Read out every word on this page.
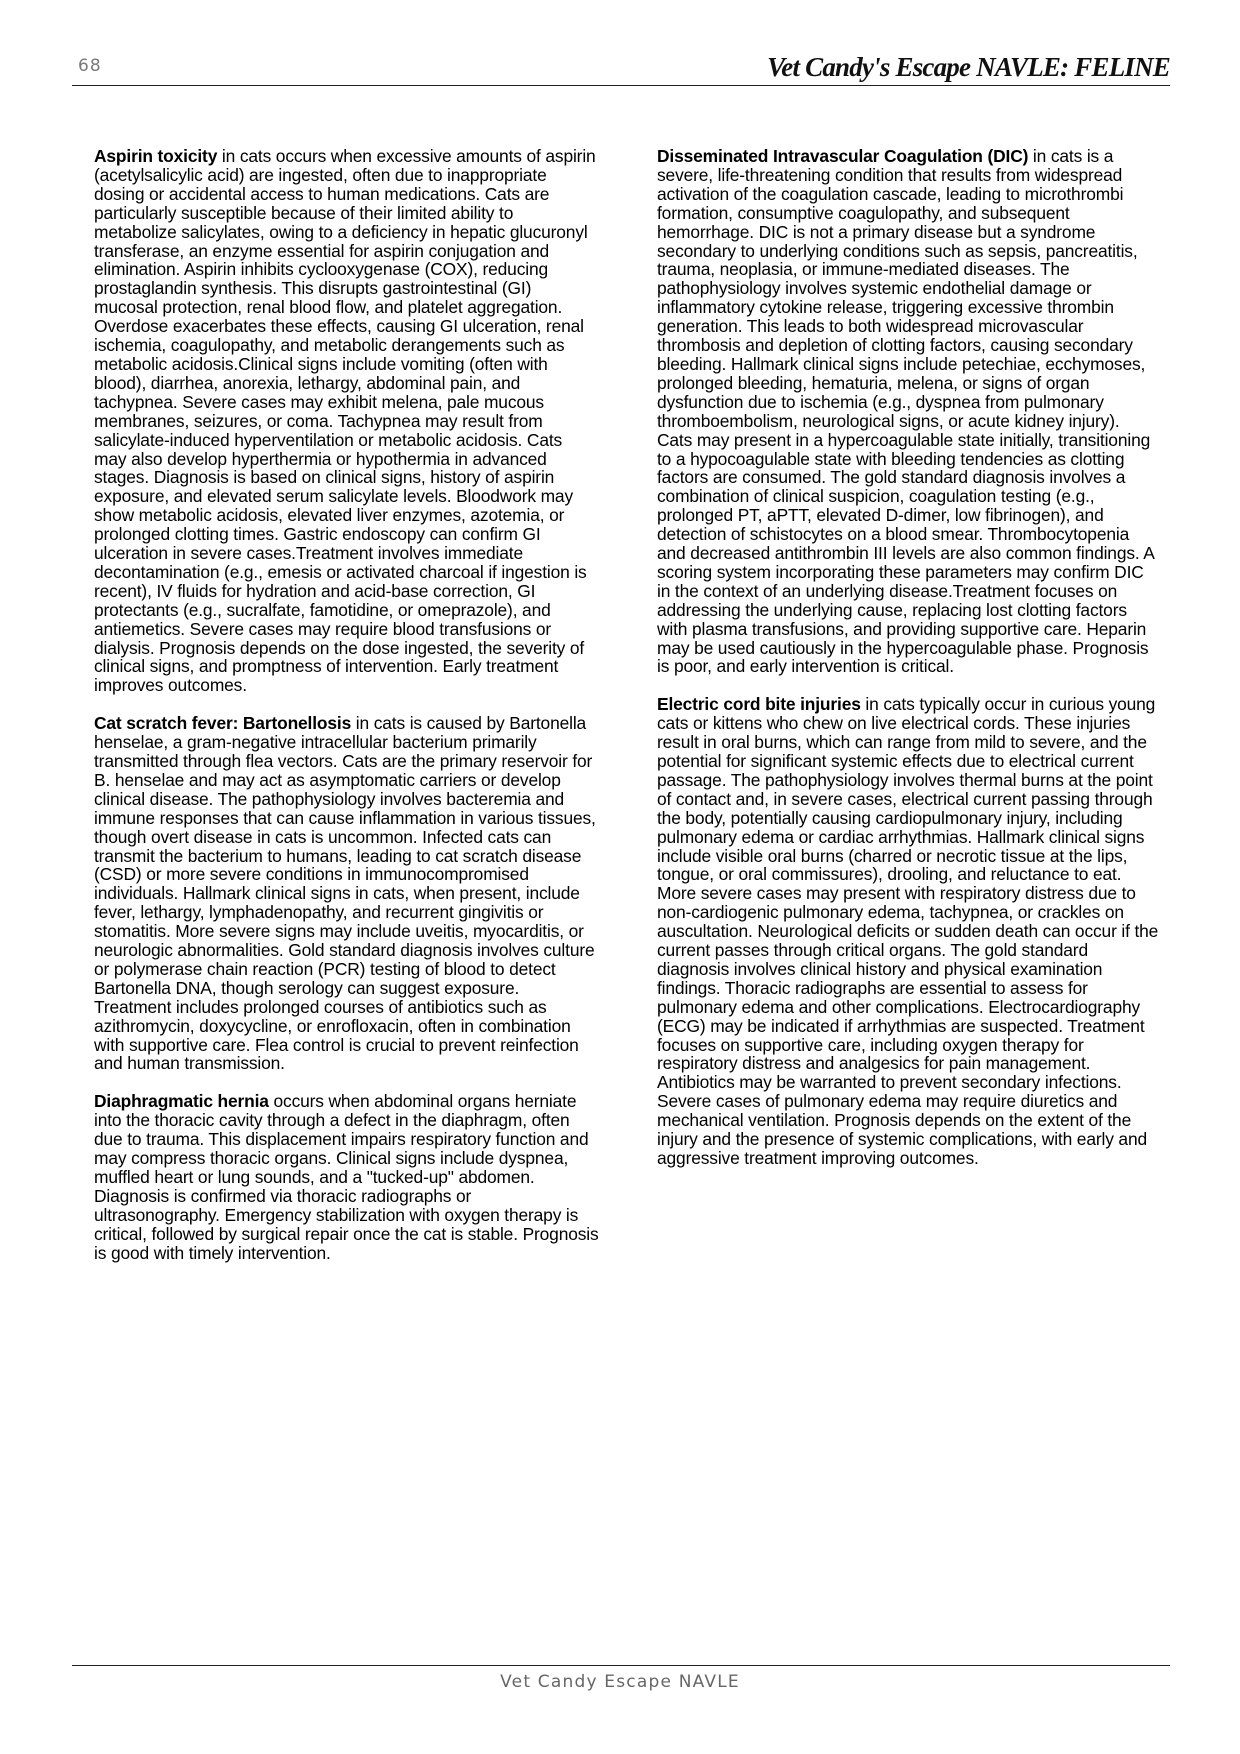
68	Vet Candy's Escape NAVLE: FELINE

Aspirin toxicity in cats occurs when excessive amounts of aspirin (acetylsalicylic acid) are ingested, often due to inappropriate dosing or accidental access to human medications. Cats are particularly susceptible because of their limited ability to metabolize salicylates, owing to a deficiency in hepatic glucuronyl transferase, an enzyme essential for aspirin conjugation and elimination. Aspirin inhibits cyclooxygenase (COX), reducing prostaglandin synthesis. This disrupts gastrointestinal (GI) mucosal protection, renal blood flow, and platelet aggregation. Overdose exacerbates these effects, causing GI ulceration, renal ischemia, coagulopathy, and metabolic derangements such as metabolic acidosis.Clinical signs include vomiting (often with blood), diarrhea, anorexia, lethargy, abdominal pain, and tachypnea. Severe cases may exhibit melena, pale mucous membranes, seizures, or coma. Tachypnea may result from salicylate-induced hyperventilation or metabolic acidosis. Cats may also develop hyperthermia or hypothermia in advanced stages. Diagnosis is based on clinical signs, history of aspirin exposure, and elevated serum salicylate levels. Bloodwork may show metabolic acidosis, elevated liver enzymes, azotemia, or prolonged clotting times. Gastric endoscopy can confirm GI ulceration in severe cases.Treatment involves immediate decontamination (e.g., emesis or activated charcoal if ingestion is recent), IV fluids for hydration and acid-base correction, GI protectants (e.g., sucralfate, famotidine, or omeprazole), and antiemetics. Severe cases may require blood transfusions or dialysis. Prognosis depends on the dose ingested, the severity of clinical signs, and promptness of intervention. Early treatment improves outcomes.

Cat scratch fever: Bartonellosis in cats is caused by Bartonella henselae, a gram-negative intracellular bacterium primarily transmitted through flea vectors. Cats are the primary reservoir for B. henselae and may act as asymptomatic carriers or develop clinical disease. The pathophysiology involves bacteremia and immune responses that can cause inflammation in various tissues, though overt disease in cats is uncommon. Infected cats can transmit the bacterium to humans, leading to cat scratch disease (CSD) or more severe conditions in immunocompromised individuals. Hallmark clinical signs in cats, when present, include fever, lethargy, lymphadenopathy, and recurrent gingivitis or stomatitis. More severe signs may include uveitis, myocarditis, or neurologic abnormalities. Gold standard diagnosis involves culture or polymerase chain reaction (PCR) testing of blood to detect Bartonella DNA, though serology can suggest exposure. Treatment includes prolonged courses of antibiotics such as azithromycin, doxycycline, or enrofloxacin, often in combination with supportive care. Flea control is crucial to prevent reinfection and human transmission.

Diaphragmatic hernia occurs when abdominal organs herniate into the thoracic cavity through a defect in the diaphragm, often due to trauma. This displacement impairs respiratory function and may compress thoracic organs. Clinical signs include dyspnea, muffled heart or lung sounds, and a "tucked-up" abdomen. Diagnosis is confirmed via thoracic radiographs or ultrasonography. Emergency stabilization with oxygen therapy is critical, followed by surgical repair once the cat is stable. Prognosis is good with timely intervention.

Disseminated Intravascular Coagulation (DIC) in cats is a severe, life-threatening condition that results from widespread activation of the coagulation cascade, leading to microthrombi formation, consumptive coagulopathy, and subsequent hemorrhage. DIC is not a primary disease but a syndrome secondary to underlying conditions such as sepsis, pancreatitis, trauma, neoplasia, or immune-mediated diseases. The pathophysiology involves systemic endothelial damage or inflammatory cytokine release, triggering excessive thrombin generation. This leads to both widespread microvascular thrombosis and depletion of clotting factors, causing secondary bleeding. Hallmark clinical signs include petechiae, ecchymoses, prolonged bleeding, hematuria, melena, or signs of organ dysfunction due to ischemia (e.g., dyspnea from pulmonary thromboembolism, neurological signs, or acute kidney injury). Cats may present in a hypercoagulable state initially, transitioning to a hypocoagulable state with bleeding tendencies as clotting factors are consumed. The gold standard diagnosis involves a combination of clinical suspicion, coagulation testing (e.g., prolonged PT, aPTT, elevated D-dimer, low fibrinogen), and detection of schistocytes on a blood smear. Thrombocytopenia and decreased antithrombin III levels are also common findings. A scoring system incorporating these parameters may confirm DIC in the context of an underlying disease.Treatment focuses on addressing the underlying cause, replacing lost clotting factors with plasma transfusions, and providing supportive care. Heparin may be used cautiously in the hypercoagulable phase. Prognosis is poor, and early intervention is critical.

Electric cord bite injuries in cats typically occur in curious young cats or kittens who chew on live electrical cords. These injuries result in oral burns, which can range from mild to severe, and the potential for significant systemic effects due to electrical current passage. The pathophysiology involves thermal burns at the point of contact and, in severe cases, electrical current passing through the body, potentially causing cardiopulmonary injury, including pulmonary edema or cardiac arrhythmias. Hallmark clinical signs include visible oral burns (charred or necrotic tissue at the lips, tongue, or oral commissures), drooling, and reluctance to eat. More severe cases may present with respiratory distress due to non-cardiogenic pulmonary edema, tachypnea, or crackles on auscultation. Neurological deficits or sudden death can occur if the current passes through critical organs. The gold standard diagnosis involves clinical history and physical examination findings. Thoracic radiographs are essential to assess for pulmonary edema and other complications. Electrocardiography (ECG) may be indicated if arrhythmias are suspected. Treatment focuses on supportive care, including oxygen therapy for respiratory distress and analgesics for pain management. Antibiotics may be warranted to prevent secondary infections. Severe cases of pulmonary edema may require diuretics and mechanical ventilation. Prognosis depends on the extent of the injury and the presence of systemic complications, with early and aggressive treatment improving outcomes.

Vet Candy Escape NAVLE
